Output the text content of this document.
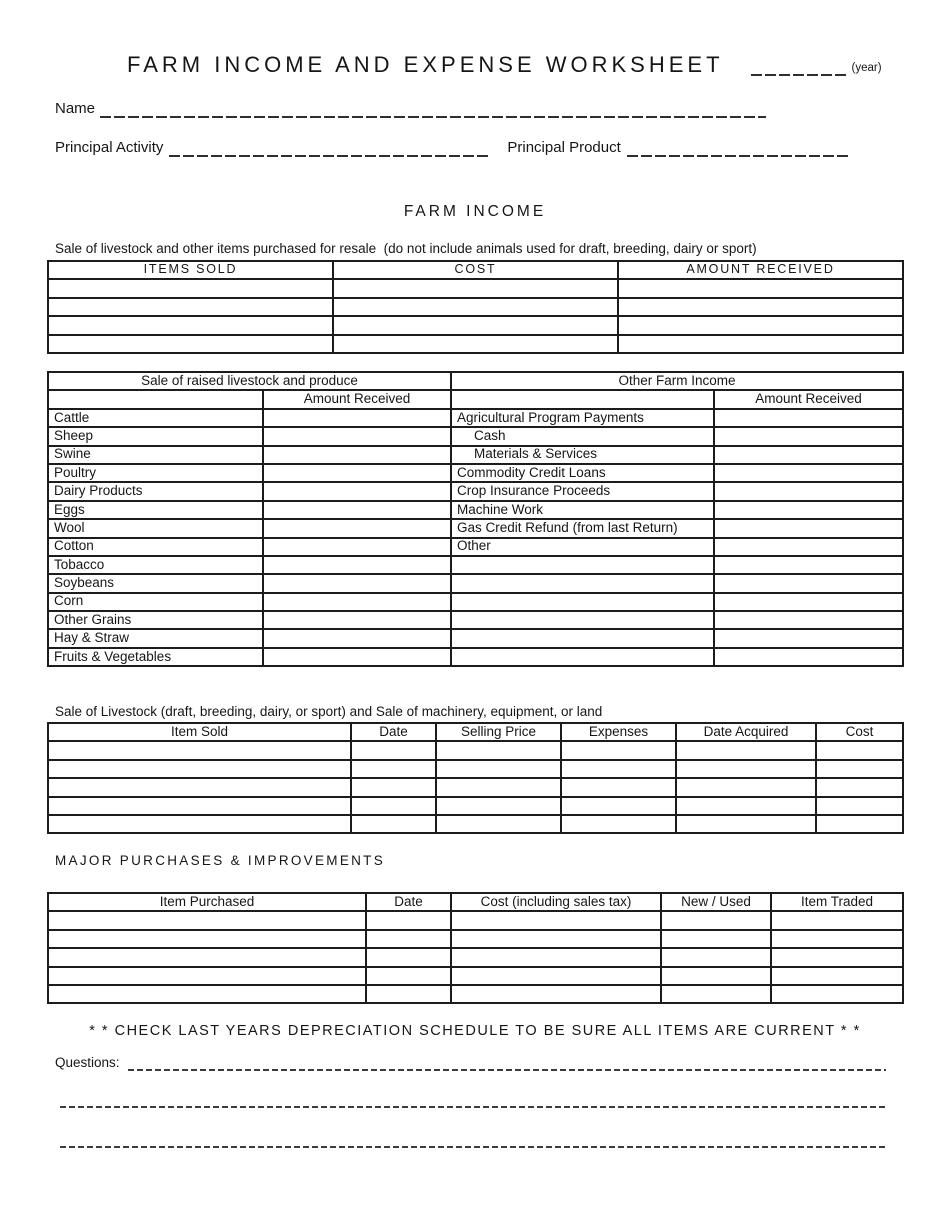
FARM INCOME AND EXPENSE WORKSHEET	(year)
Name
Principal Activity	Principal Product
FARM INCOME
Sale of livestock and other items purchased for resale  (do not include animals used for draft, breeding, dairy or sport)
ITEMS SOLD	COST	AMOUNT RECEIVED

Sale of raised livestock and produce		Other Farm Income	
	Amount Received		Amount Received
Cattle		Agricultural Program Payments	
Sheep		Cash	
Swine		Materials & Services	
Poultry		Commodity Credit Loans	
Dairy Products		Crop Insurance Proceeds	
Eggs		Machine Work	
Wool		Gas Credit Refund (from last Return)	
Cotton		Other	
Tobacco			
Soybeans			
Corn			
Other Grains			
Hay & Straw			
Fruits & Vegetables			
Sale of Livestock (draft, breeding, dairy, or sport) and Sale of machinery, equipment, or land
Item Sold	Date	Selling Price	Expenses	Date Acquired	Cost

MAJOR PURCHASES & IMPROVEMENTS
Item Purchased	Date	Cost (including sales tax)	New / Used	Item Traded

* * CHECK LAST YEARS DEPRECIATION SCHEDULE TO BE SURE ALL ITEMS ARE CURRENT * *
Questions:
